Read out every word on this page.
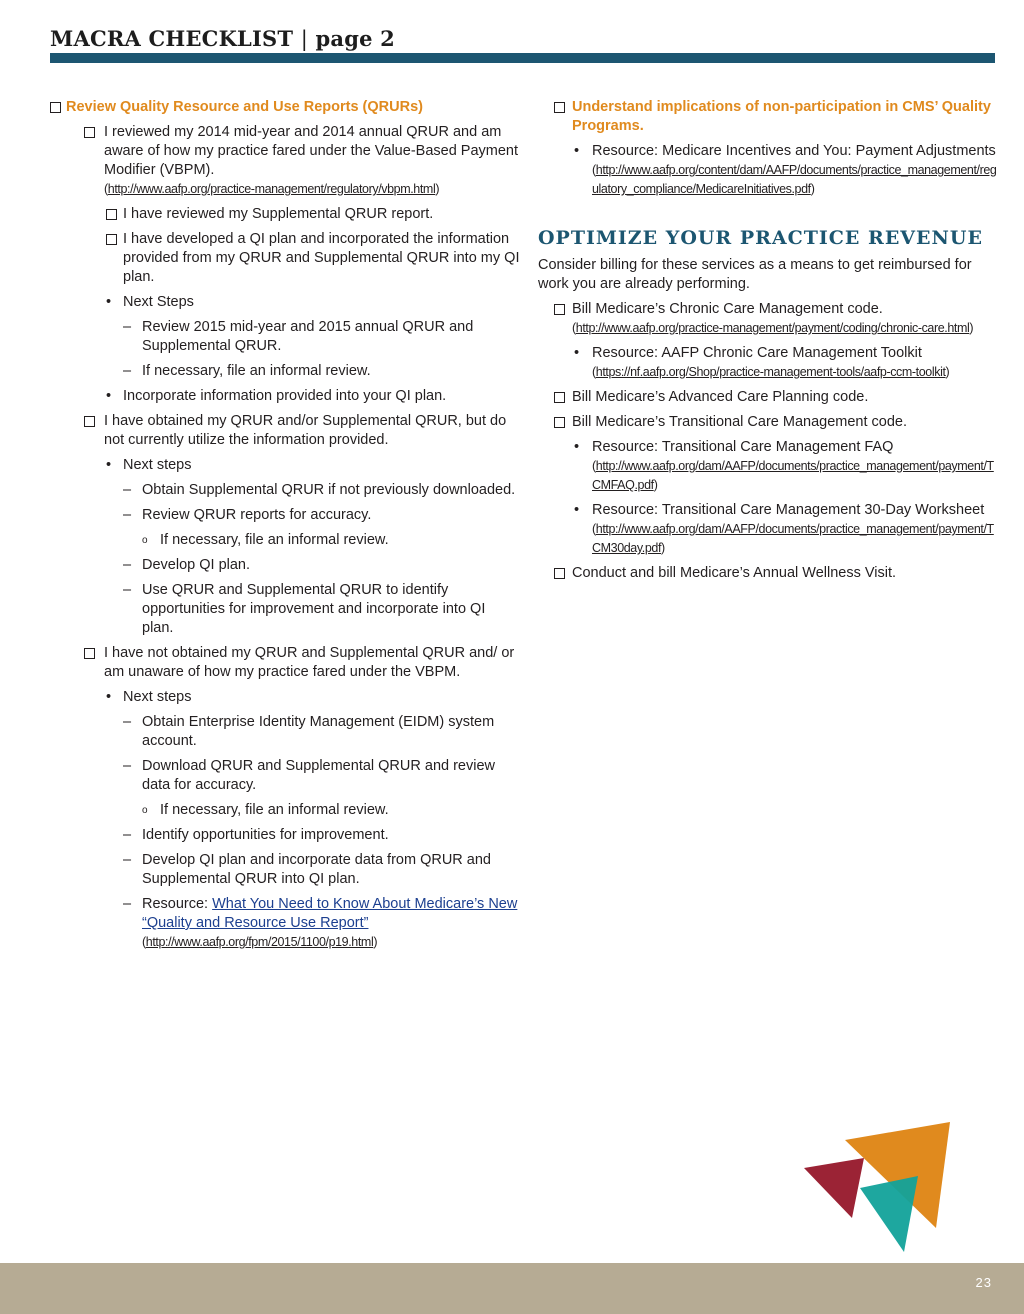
MACRA CHECKLIST | page 2
Review Quality Resource and Use Reports (QRURs)
I reviewed my 2014 mid-year and 2014 annual QRUR and am aware of how my practice fared under the Value-Based Payment Modifier (VBPM).
(http://www.aafp.org/practice-management/regulatory/vbpm.html)
I have reviewed my Supplemental QRUR report.
I have developed a QI plan and incorporated the information provided from my QRUR and Supplemental QRUR into my QI plan.
• Next Steps
– Review 2015 mid-year and 2015 annual QRUR and Supplemental QRUR.
– If necessary, file an informal review.
• Incorporate information provided into your QI plan.
I have obtained my QRUR and/or Supplemental QRUR, but do not currently utilize the information provided.
• Next steps
– Obtain Supplemental QRUR if not previously downloaded.
– Review QRUR reports for accuracy.
o If necessary, file an informal review.
– Develop QI plan.
– Use QRUR and Supplemental QRUR to identify opportunities for improvement and incorporate into QI plan.
I have not obtained my QRUR and Supplemental QRUR and/ or am unaware of how my practice fared under the VBPM.
• Next steps
– Obtain Enterprise Identity Management (EIDM) system account.
– Download QRUR and Supplemental QRUR and review data for accuracy.
o If necessary, file an informal review.
– Identify opportunities for improvement.
– Develop QI plan and incorporate data from QRUR and Supplemental QRUR into QI plan.
– Resource: What You Need to Know About Medicare’s New “Quality and Resource Use Report”
(http://www.aafp.org/fpm/2015/1100/p19.html)
Understand implications of non-participation in CMS’ Quality Programs.
• Resource: Medicare Incentives and You: Payment Adjustments
(http://www.aafp.org/content/dam/AAFP/documents/practice_management/regulatory_compliance/MedicareInitiatives.pdf)
OPTIMIZE YOUR PRACTICE REVENUE
Consider billing for these services as a means to get reimbursed for work you are already performing.
Bill Medicare’s Chronic Care Management code.
(http://www.aafp.org/practice-management/payment/coding/chronic-care.html)
• Resource: AAFP Chronic Care Management Toolkit
(https://nf.aafp.org/Shop/practice-management-tools/aafp-ccm-toolkit)
Bill Medicare’s Advanced Care Planning code.
Bill Medicare’s Transitional Care Management code.
• Resource: Transitional Care Management FAQ
(http://www.aafp.org/dam/AAFP/documents/practice_management/payment/TCMFAQ.pdf)
• Resource: Transitional Care Management 30-Day Worksheet
(http://www.aafp.org/dam/AAFP/documents/practice_management/payment/TCM30day.pdf)
Conduct and bill Medicare’s Annual Wellness Visit.
23
